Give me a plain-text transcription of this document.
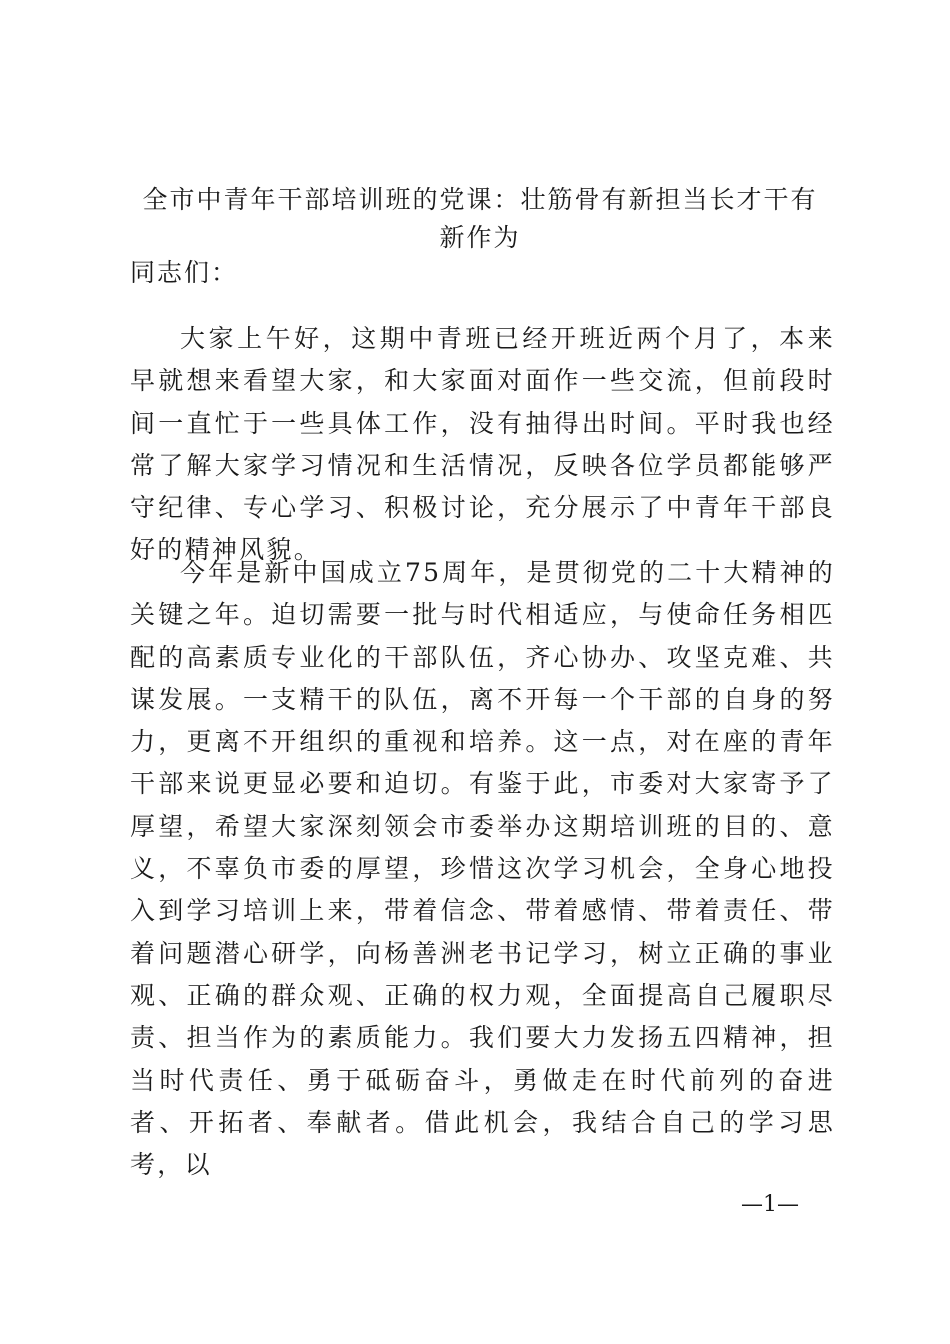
全市中青年干部培训班的党课：壮筋骨有新担当长才干有新作为

同志们：

大家上午好，这期中青班已经开班近两个月了，本来早就想来看望大家，和大家面对面作一些交流，但前段时间一直忙于一些具体工作，没有抽得出时间。平时我也经常了解大家学习情况和生活情况，反映各位学员都能够严守纪律、专心学习、积极讨论，充分展示了中青年干部良好的精神风貌。

今年是新中国成立75周年，是贯彻党的二十大精神的关键之年。迫切需要一批与时代相适应，与使命任务相匹配的高素质专业化的干部队伍，齐心协办、攻坚克难、共谋发展。一支精干的队伍，离不开每一个干部的自身的努力，更离不开组织的重视和培养。这一点，对在座的青年干部来说更显必要和迫切。有鉴于此，市委对大家寄予了厚望，希望大家深刻领会市委举办这期培训班的目的、意义，不辜负市委的厚望，珍惜这次学习机会，全身心地投入到学习培训上来，带着信念、带着感情、带着责任、带着问题潜心研学，向杨善洲老书记学习，树立正确的事业观、正确的群众观、正确的权力观，全面提高自己履职尽责、担当作为的素质能力。我们要大力发扬五四精神，担当时代责任、勇于砥砺奋斗，勇做走在时代前列的奋进者、开拓者、奉献者。借此机会，我结合自己的学习思考，以

—1—
